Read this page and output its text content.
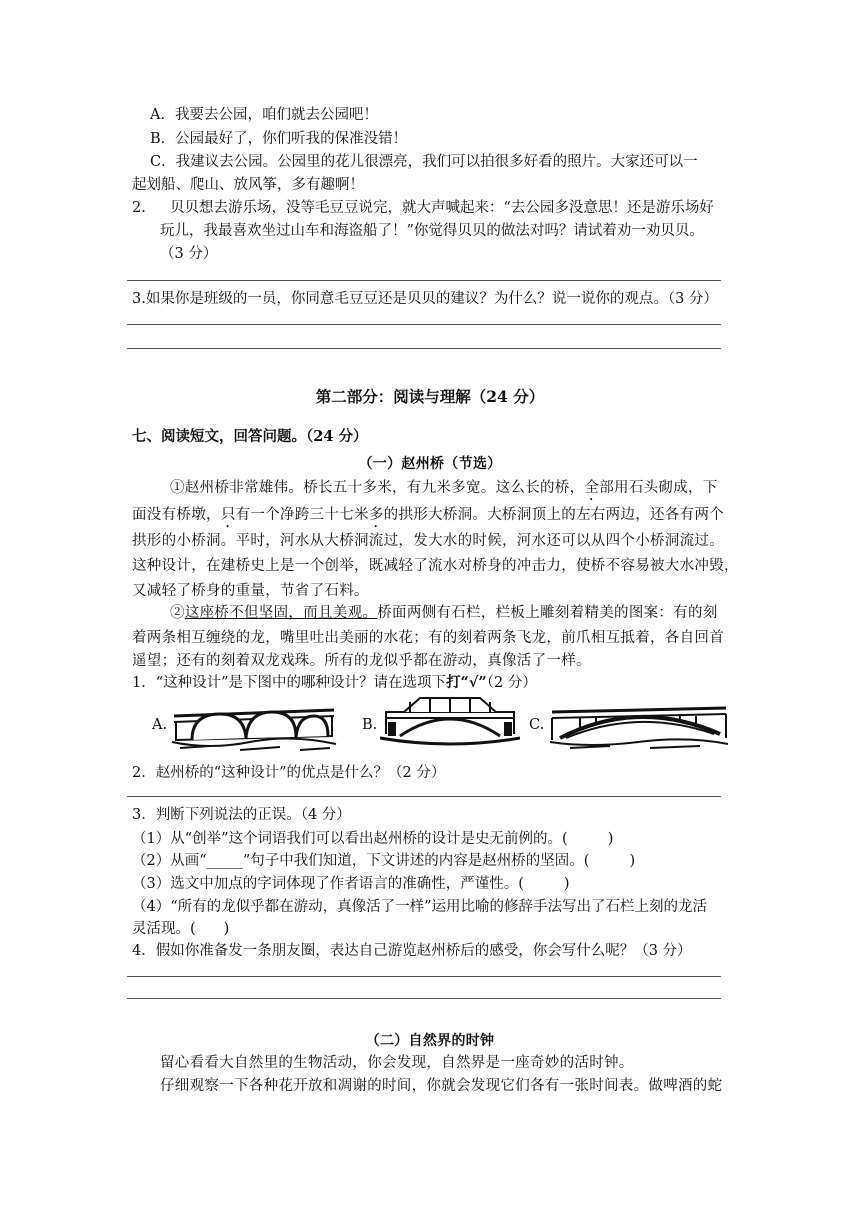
A．我要去公园，咱们就去公园吧！
B．公园最好了，你们听我的保准没错！
C．我建议去公园。公园里的花儿很漂亮，我们可以拍很多好看的照片。大家还可以一
起划船、爬山、放风筝，多有趣啊！
2. 贝贝想去游乐场，没等毛豆豆说完，就大声喊起来：“去公园多没意思！还是游乐场好
玩儿，我最喜欢坐过山车和海盗船了！”你觉得贝贝的做法对吗？请试着劝一劝贝贝。
（3 分）
3.如果你是班级的一员，你同意毛豆豆还是贝贝的建议？为什么？说一说你的观点。（3 分）
第二部分：阅读与理解（24 分）
七、阅读短文，回答问题。（24 分）
（一）赵州桥（节选）
①赵州桥非常雄伟。桥长五十多米，有九米多宽。这么长的桥，全部用石头砌成，下
面没有桥墩，只有一个净跨三十七米多的拱形大桥洞。大桥洞顶上的左右两边，还各有两个
拱形的小桥洞。平时，河水从大桥洞流过，发大水的时候，河水还可以从四个小桥洞流过。
这种设计，在建桥史上是一个创举，既减轻了流水对桥身的冲击力，使桥不容易被大水冲毁，
又减轻了桥身的重量，节省了石料。
②这座桥不但坚固，而且美观。桥面两侧有石栏，栏板上雕刻着精美的图案：有的刻
着两条相互缠绕的龙，嘴里吐出美丽的水花；有的刻着两条飞龙，前爪相互抵着，各自回首
遥望；还有的刻着双龙戏珠。所有的龙似乎都在游动，真像活了一样。
1．“这种设计”是下图中的哪种设计？请在选项下打“√”（2 分）
A.	B.	C.
2．赵州桥的“这种设计”的优点是什么？（2 分）
3．判断下列说法的正误。（4 分）
（1）从“创举”这个词语我们可以看出赵州桥的设计是史无前例的。(	)
（2）从画“_____”句子中我们知道，下文讲述的内容是赵州桥的坚固。(	)
（3）选文中加点的字词体现了作者语言的准确性，严谨性。(	)
（4）“所有的龙似乎都在游动，真像活了一样”运用比喻的修辞手法写出了石栏上刻的龙活
灵活现。( )
4．假如你准备发一条朋友圈，表达自己游览赵州桥后的感受，你会写什么呢？（3 分）
（二）自然界的时钟
留心看看大自然里的生物活动，你会发现，自然界是一座奇妙的活时钟。
仔细观察一下各种花开放和凋谢的时间，你就会发现它们各有一张时间表。做啤酒的蛇
